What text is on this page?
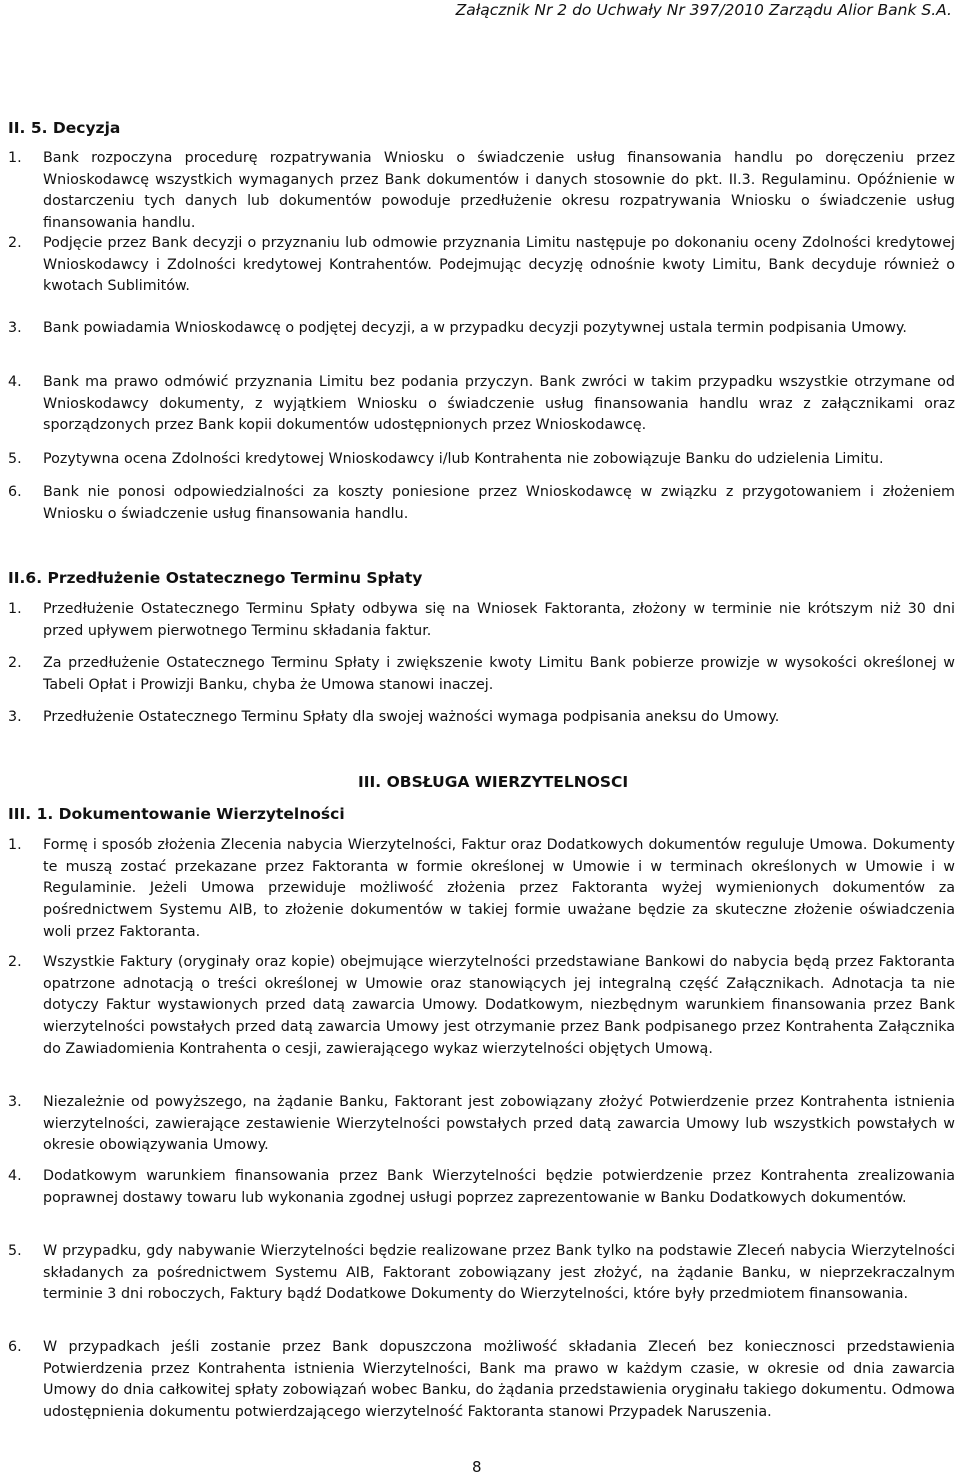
Załącznik Nr 2 do Uchwały Nr 397/2010 Zarządu Alior Bank S.A.
II. 5. Decyzja
1. Bank rozpoczyna procedurę rozpatrywania Wniosku o świadczenie usług finansowania handlu po doręczeniu przez Wnioskodawcę wszystkich wymaganych przez Bank dokumentów i danych stosownie do pkt. II.3. Regulaminu. Opóźnienie w dostarczeniu tych danych lub dokumentów powoduje przedłużenie okresu rozpatrywania Wniosku o świadczenie usług finansowania handlu.
2. Podjęcie przez Bank decyzji o przyznaniu lub odmowie przyznania Limitu następuje po dokonaniu oceny Zdolności kredytowej Wnioskodawcy i Zdolności kredytowej Kontrahentów. Podejmując decyzję odnośnie kwoty Limitu, Bank decyduje również o kwotach Sublimitów.
3. Bank powiadamia Wnioskodawcę o podjętej decyzji, a w przypadku decyzji pozytywnej ustala termin podpisania Umowy.
4. Bank ma prawo odmówić przyznania Limitu bez podania przyczyn. Bank zwróci w takim przypadku wszystkie otrzymane od Wnioskodawcy dokumenty, z wyjątkiem Wniosku o świadczenie usług finansowania handlu wraz z załącznikami oraz sporządzonych przez Bank kopii dokumentów udostępnionych przez Wnioskodawcę.
5. Pozytywna ocena Zdolności kredytowej Wnioskodawcy i/lub Kontrahenta nie zobowiązuje Banku do udzielenia Limitu.
6. Bank nie ponosi odpowiedzialności za koszty poniesione przez Wnioskodawcę w związku z przygotowaniem i złożeniem Wniosku o świadczenie usług finansowania handlu.
II.6. Przedłużenie Ostatecznego Terminu Spłaty
1. Przedłużenie Ostatecznego Terminu Spłaty odbywa się na Wniosek Faktoranta, złożony w terminie nie krótszym niż 30 dni przed upływem pierwotnego Terminu składania faktur.
2. Za przedłużenie Ostatecznego Terminu Spłaty i zwiększenie kwoty Limitu Bank pobierze prowizje w wysokości określonej w Tabeli Opłat i Prowizji Banku, chyba że Umowa stanowi inaczej.
3. Przedłużenie Ostatecznego Terminu Spłaty dla swojej ważności wymaga podpisania aneksu do Umowy.
III. OBSŁUGA WIERZYTELNOSCI
III. 1. Dokumentowanie Wierzytelności
1. Formę i sposób złożenia Zlecenia nabycia Wierzytelności, Faktur oraz Dodatkowych dokumentów reguluje Umowa. Dokumenty te muszą zostać przekazane przez Faktoranta w formie określonej w Umowie i w terminach określonych w Umowie i w Regulaminie. Jeżeli Umowa przewiduje możliwość złożenia przez Faktoranta wyżej wymienionych dokumentów za pośrednictwem Systemu AIB, to złożenie dokumentów w takiej formie uważane będzie za skuteczne złożenie oświadczenia woli przez Faktoranta.
2. Wszystkie Faktury (oryginały oraz kopie) obejmujące wierzytelności przedstawiane Bankowi do nabycia będą przez Faktoranta opatrzone adnotacją o treści określonej w Umowie oraz stanowiących jej integralną część Załącznikach. Adnotacja ta nie dotyczy Faktur wystawionych przed datą zawarcia Umowy. Dodatkowym, niezbędnym warunkiem finansowania przez Bank wierzytelności powstałych przed datą zawarcia Umowy jest otrzymanie przez Bank podpisanego przez Kontrahenta Załącznika do Zawiadomienia Kontrahenta o cesji, zawierającego wykaz wierzytelności objętych Umową.
3. Niezależnie od powyższego, na żądanie Banku, Faktorant jest zobowiązany złożyć Potwierdzenie przez Kontrahenta istnienia wierzytelności, zawierające zestawienie Wierzytelności powstałych przed datą zawarcia Umowy lub wszystkich powstałych w okresie obowiązywania Umowy.
4. Dodatkowym warunkiem finansowania przez Bank Wierzytelności będzie potwierdzenie przez Kontrahenta zrealizowania poprawnej dostawy towaru lub wykonania zgodnej usługi poprzez zaprezentowanie w Banku Dodatkowych dokumentów.
5. W przypadku, gdy nabywanie Wierzytelności będzie realizowane przez Bank tylko na podstawie Zleceń nabycia Wierzytelności składanych za pośrednictwem Systemu AIB, Faktorant zobowiązany jest złożyć, na żądanie Banku, w nieprzekraczalnym terminie 3 dni roboczych, Faktury bądź Dodatkowe Dokumenty do Wierzytelności, które były przedmiotem finansowania.
6. W przypadkach jeśli zostanie przez Bank dopuszczona możliwość składania Zleceń bez koniecznosci przedstawienia Potwierdzenia przez Kontrahenta istnienia Wierzytelności, Bank ma prawo w każdym czasie, w okresie od dnia zawarcia Umowy do dnia całkowitej spłaty zobowiązań wobec Banku, do żądania przedstawienia oryginału takiego dokumentu. Odmowa udostępnienia dokumentu potwierdzającego wierzytelność Faktoranta stanowi Przypadek Naruszenia.
8
